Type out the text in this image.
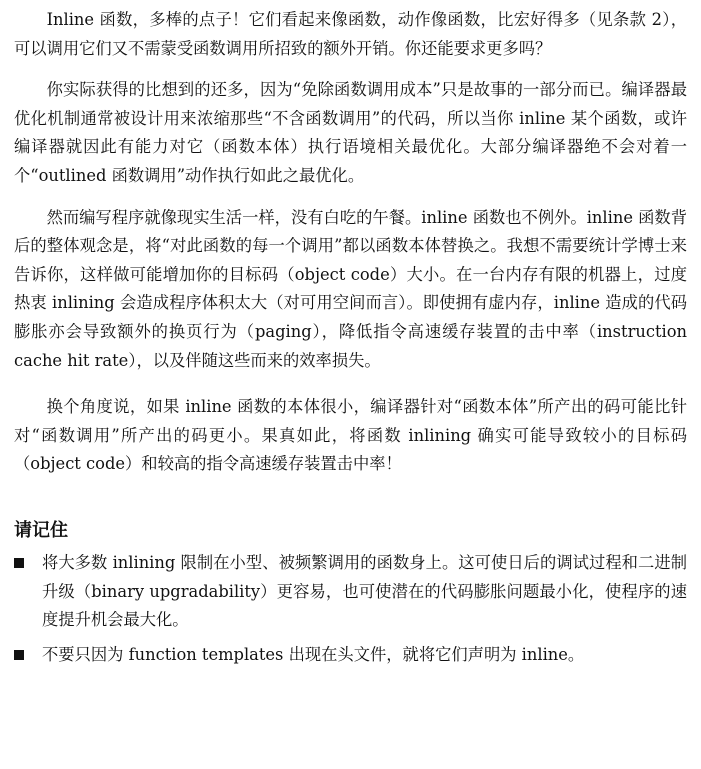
Inline 函数，多棒的点子！它们看起来像函数，动作像函数，比宏好得多（见条款 2），可以调用它们又不需蒙受函数调用所招致的额外开销。你还能要求更多吗？

你实际获得的比想到的还多，因为“免除函数调用成本”只是故事的一部分而已。编译器最优化机制通常被设计用来浓缩那些“不含函数调用”的代码，所以当你 inline 某个函数，或许编译器就因此有能力对它（函数本体）执行语境相关最优化。大部分编译器绝不会对着一个“outlined 函数调用”动作执行如此之最优化。

然而编写程序就像现实生活一样，没有白吃的午餐。inline 函数也不例外。inline 函数背后的整体观念是，将“对此函数的每一个调用”都以函数本体替换之。我想不需要统计学博士来告诉你，这样做可能增加你的目标码（object code）大小。在一台内存有限的机器上，过度热衷 inlining 会造成程序体积太大（对可用空间而言）。即使拥有虚内存，inline 造成的代码膨胀亦会导致额外的换页行为（paging），降低指令高速缓存装置的击中率（instruction cache hit rate），以及伴随这些而来的效率损失。

换个角度说，如果 inline 函数的本体很小，编译器针对“函数本体”所产出的码可能比针对“函数调用”所产出的码更小。果真如此，将函数 inlining 确实可能导致较小的目标码（object code）和较高的指令高速缓存装置击中率！

请记住
将大多数 inlining 限制在小型、被频繁调用的函数身上。这可使日后的调试过程和二进制升级（binary upgradability）更容易，也可使潜在的代码膨胀问题最小化，使程序的速度提升机会最大化。
不要只因为 function templates 出现在头文件，就将它们声明为 inline。
